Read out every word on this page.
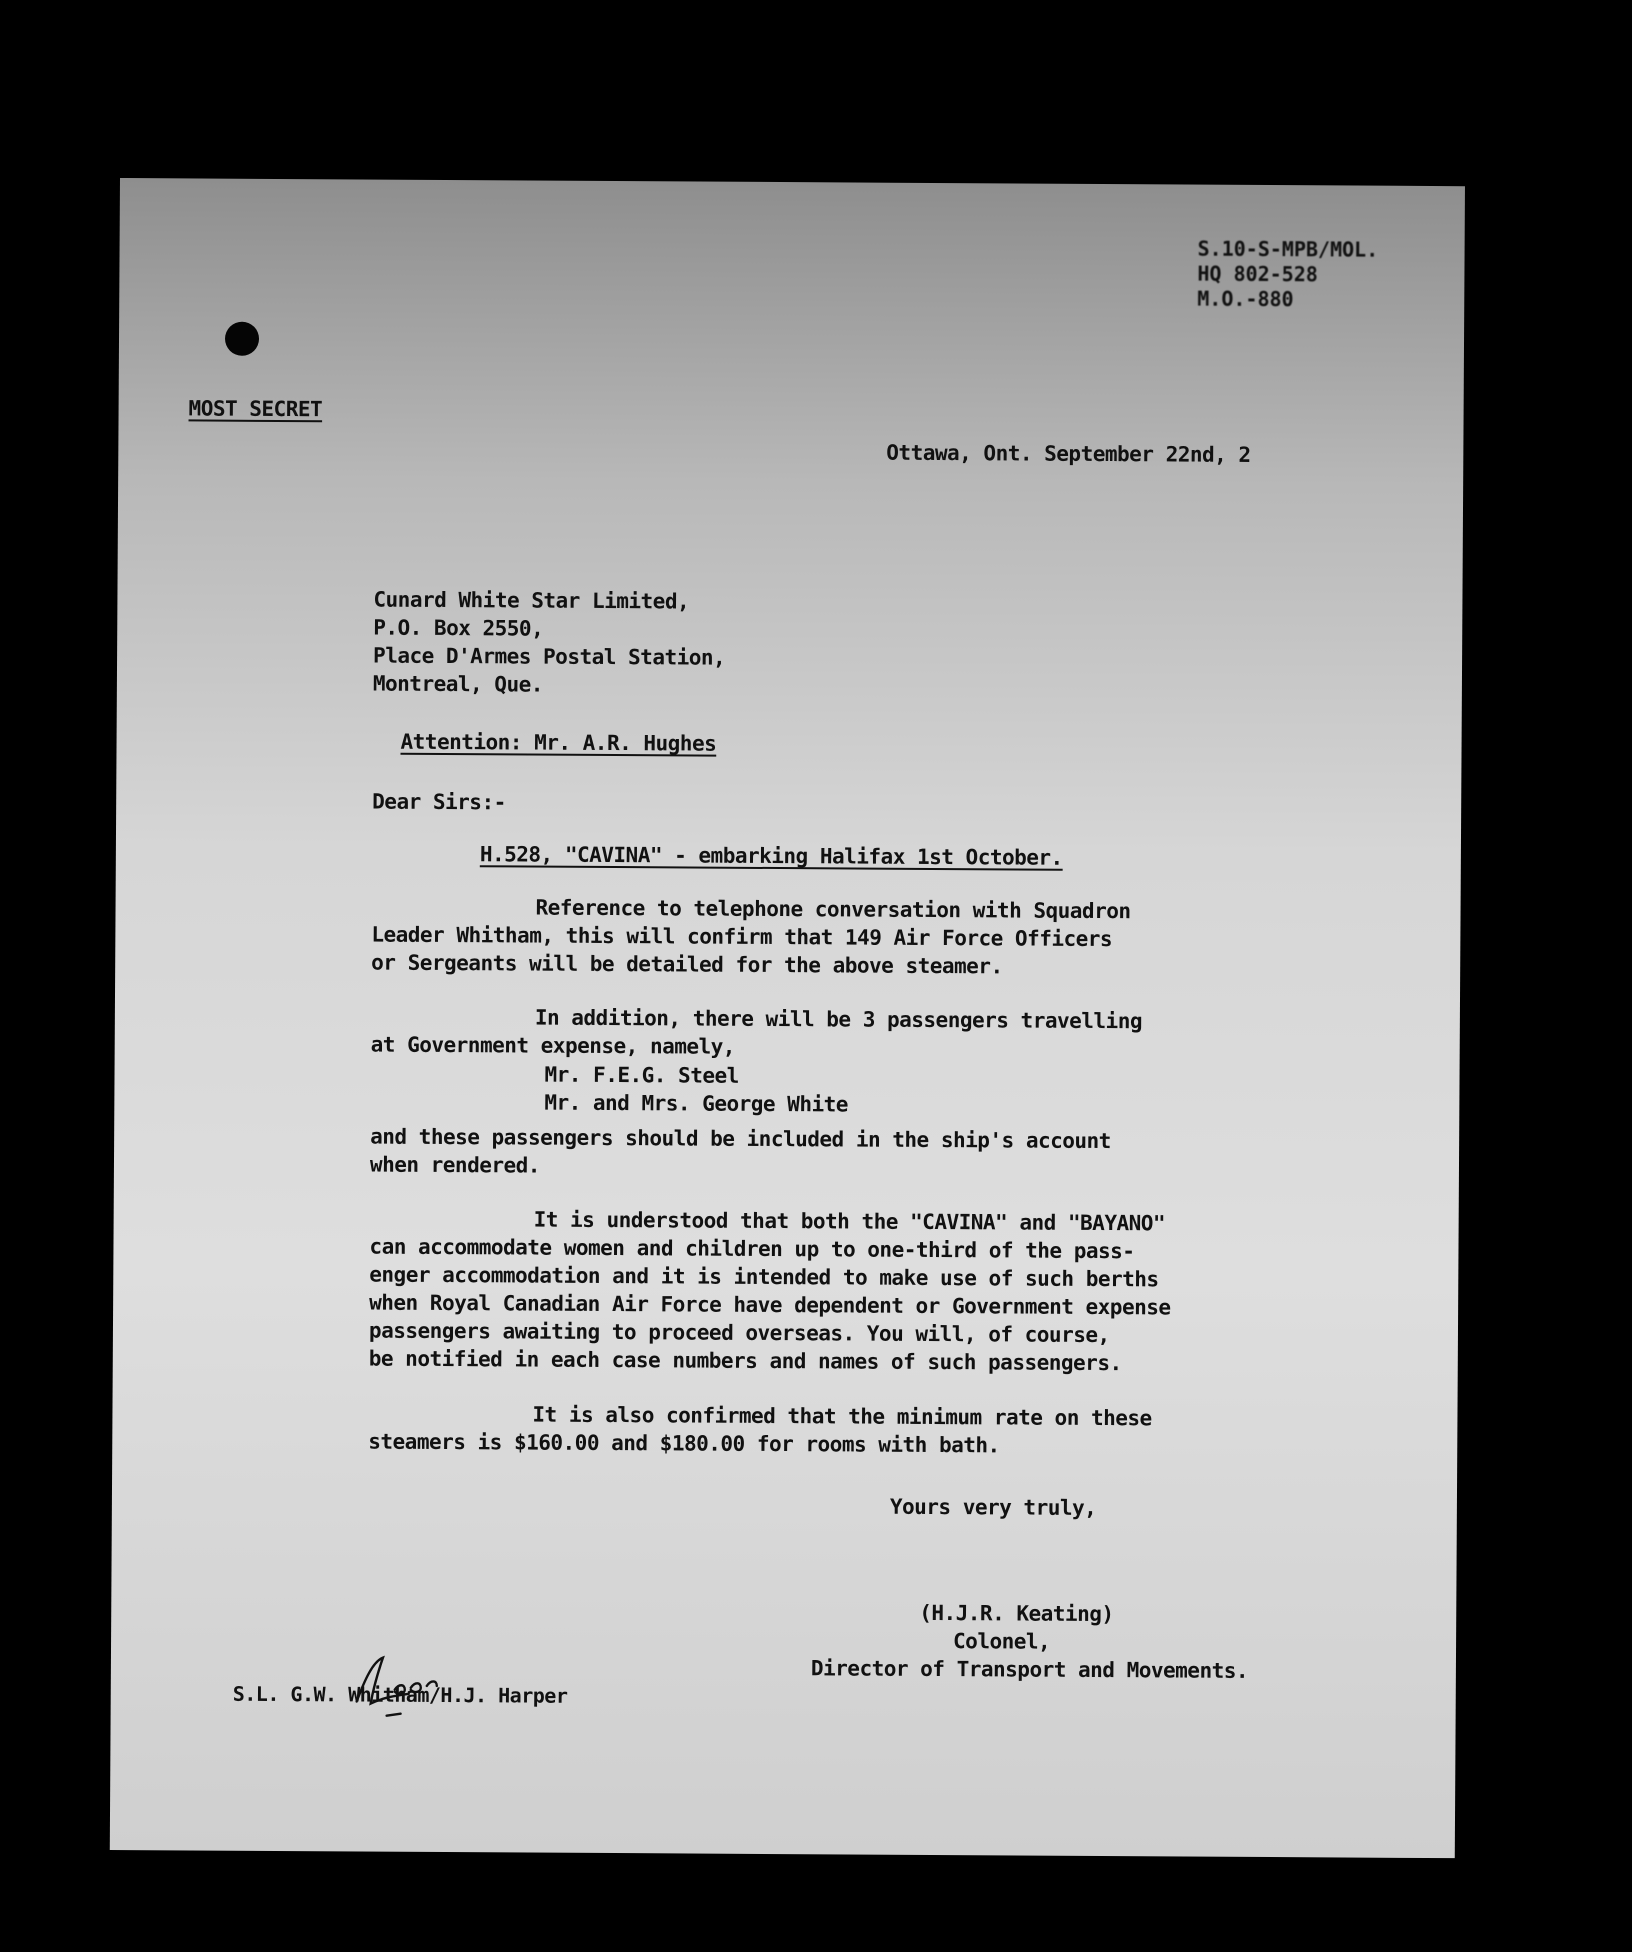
S.10-S-MPB/MOL.
HQ 802-528
M.O.-880
MOST SECRET
Ottawa, Ont. September 22nd, 2
Cunard White Star Limited,
P.O. Box 2550,
Place D'Armes Postal Station,
Montreal, Que.
Attention: Mr. A.R. Hughes
Dear Sirs:-
H.528, "CAVINA" - embarking Halifax 1st October.
Reference to telephone conversation with Squadron
Leader Whitham, this will confirm that 149 Air Force Officers
or Sergeants will be detailed for the above steamer.
In addition, there will be 3 passengers travelling
at Government expense, namely,
Mr. F.E.G. Steel
Mr. and Mrs. George White
and these passengers should be included in the ship's account
when rendered.
It is understood that both the "CAVINA" and "BAYANO"
can accommodate women and children up to one-third of the pass-
enger accommodation and it is intended to make use of such berths
when Royal Canadian Air Force have dependent or Government expense
passengers awaiting to proceed overseas. You will, of course,
be notified in each case numbers and names of such passengers.
It is also confirmed that the minimum rate on these
steamers is $160.00 and $180.00 for rooms with bath.
Yours very truly,
(H.J.R. Keating)
Colonel,
Director of Transport and Movements.
S.L. G.W. Whitham/H.J. Harper
